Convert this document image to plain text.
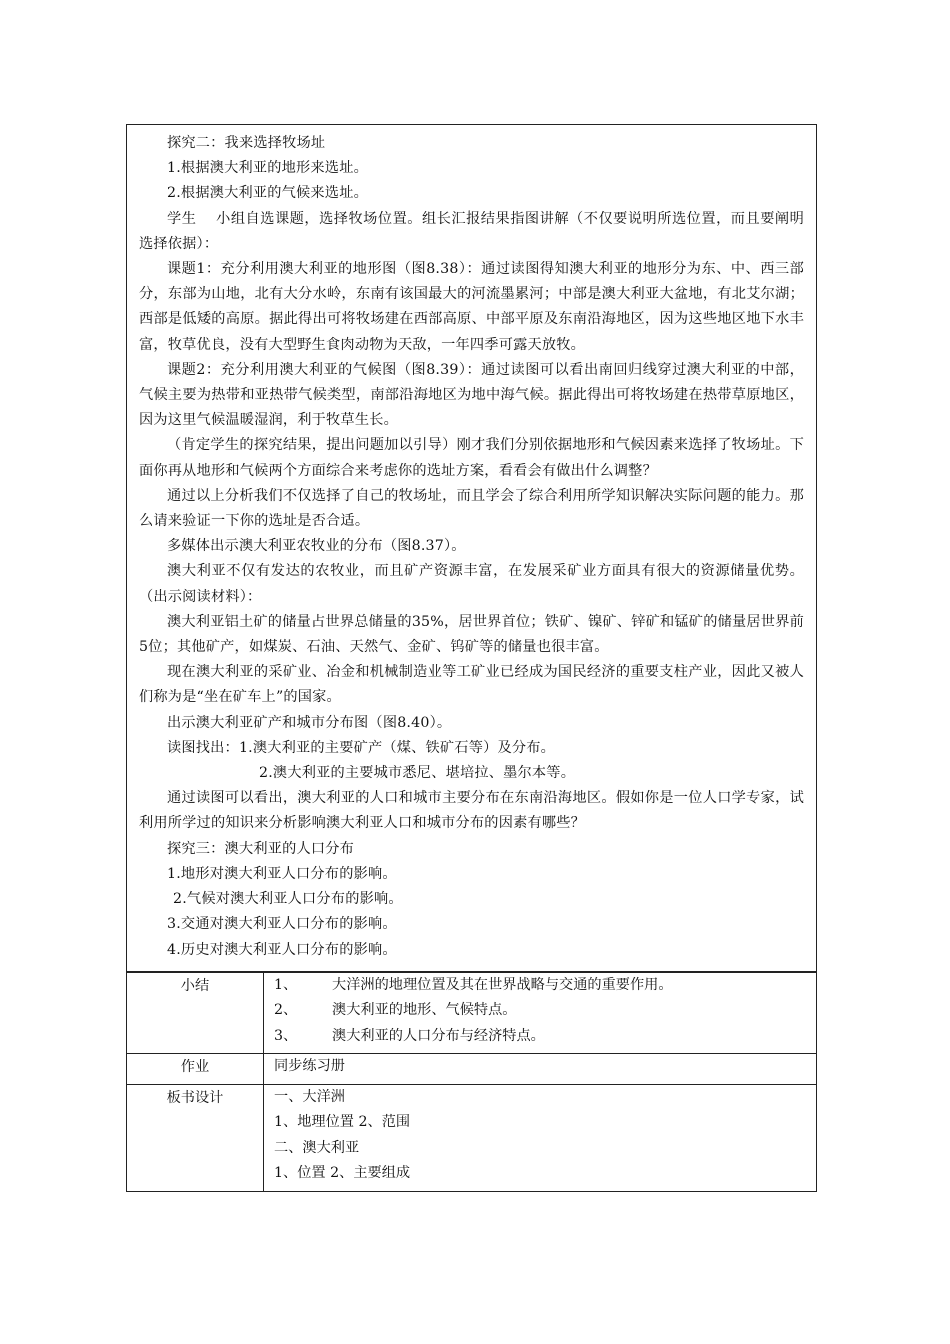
探究二：我来选择牧场址

1.根据澳大利亚的地形来选址。

2.根据澳大利亚的气候来选址。

学生　 小组自选课题，选择牧场位置。组长汇报结果指图讲解（不仅要说明所选位置，而且要阐明选择依据）：

课题1：充分利用澳大利亚的地形图（图8.38）：通过读图得知澳大利亚的地形分为东、中、西三部分，东部为山地，北有大分水岭，东南有该国最大的河流墨累河；中部是澳大利亚大盆地，有北艾尔湖；西部是低矮的高原。据此得出可将牧场建在西部高原、中部平原及东南沿海地区，因为这些地区地下水丰富，牧草优良，没有大型野生食肉动物为天敌，一年四季可露天放牧。

课题2：充分利用澳大利亚的气候图（图8.39）：通过读图可以看出南回归线穿过澳大利亚的中部，气候主要为热带和亚热带气候类型，南部沿海地区为地中海气候。据此得出可将牧场建在热带草原地区，因为这里气候温暖湿润，利于牧草生长。

（肯定学生的探究结果，提出问题加以引导）刚才我们分别依据地形和气候因素来选择了牧场址。下面你再从地形和气候两个方面综合来考虑你的选址方案，看看会有做出什么调整？

通过以上分析我们不仅选择了自己的牧场址，而且学会了综合利用所学知识解决实际问题的能力。那么请来验证一下你的选址是否合适。

多媒体出示澳大利亚农牧业的分布（图8.37）。

澳大利亚不仅有发达的农牧业，而且矿产资源丰富，在发展采矿业方面具有很大的资源储量优势。（出示阅读材料）：

澳大利亚铝土矿的储量占世界总储量的35%，居世界首位；铁矿、镍矿、锌矿和锰矿的储量居世界前5位；其他矿产，如煤炭、石油、天然气、金矿、钨矿等的储量也很丰富。

现在澳大利亚的采矿业、冶金和机械制造业等工矿业已经成为国民经济的重要支柱产业，因此又被人们称为是“坐在矿车上”的国家。

出示澳大利亚矿产和城市分布图（图8.40）。

读图找出：1.澳大利亚的主要矿产（煤、铁矿石等）及分布。

2.澳大利亚的主要城市悉尼、堪培拉、墨尔本等。

通过读图可以看出，澳大利亚的人口和城市主要分布在东南沿海地区。假如你是一位人口学专家，试利用所学过的知识来分析影响澳大利亚人口和城市分布的因素有哪些？

探究三：澳大利亚的人口分布

1.地形对澳大利亚人口分布的影响。

2.气候对澳大利亚人口分布的影响。

3.交通对澳大利亚人口分布的影响。

4.历史对澳大利亚人口分布的影响。

小结	1、 大洋洲的地理位置及其在世界战略与交通的重要作用。

2、 澳大利亚的地形、气候特点。

3、 澳大利亚的人口分布与经济特点。

作业	同步练习册

板书设计	一、大洋洲

1、地理位置 2、范围

二、澳大利亚

1、位置 2、主要组成
